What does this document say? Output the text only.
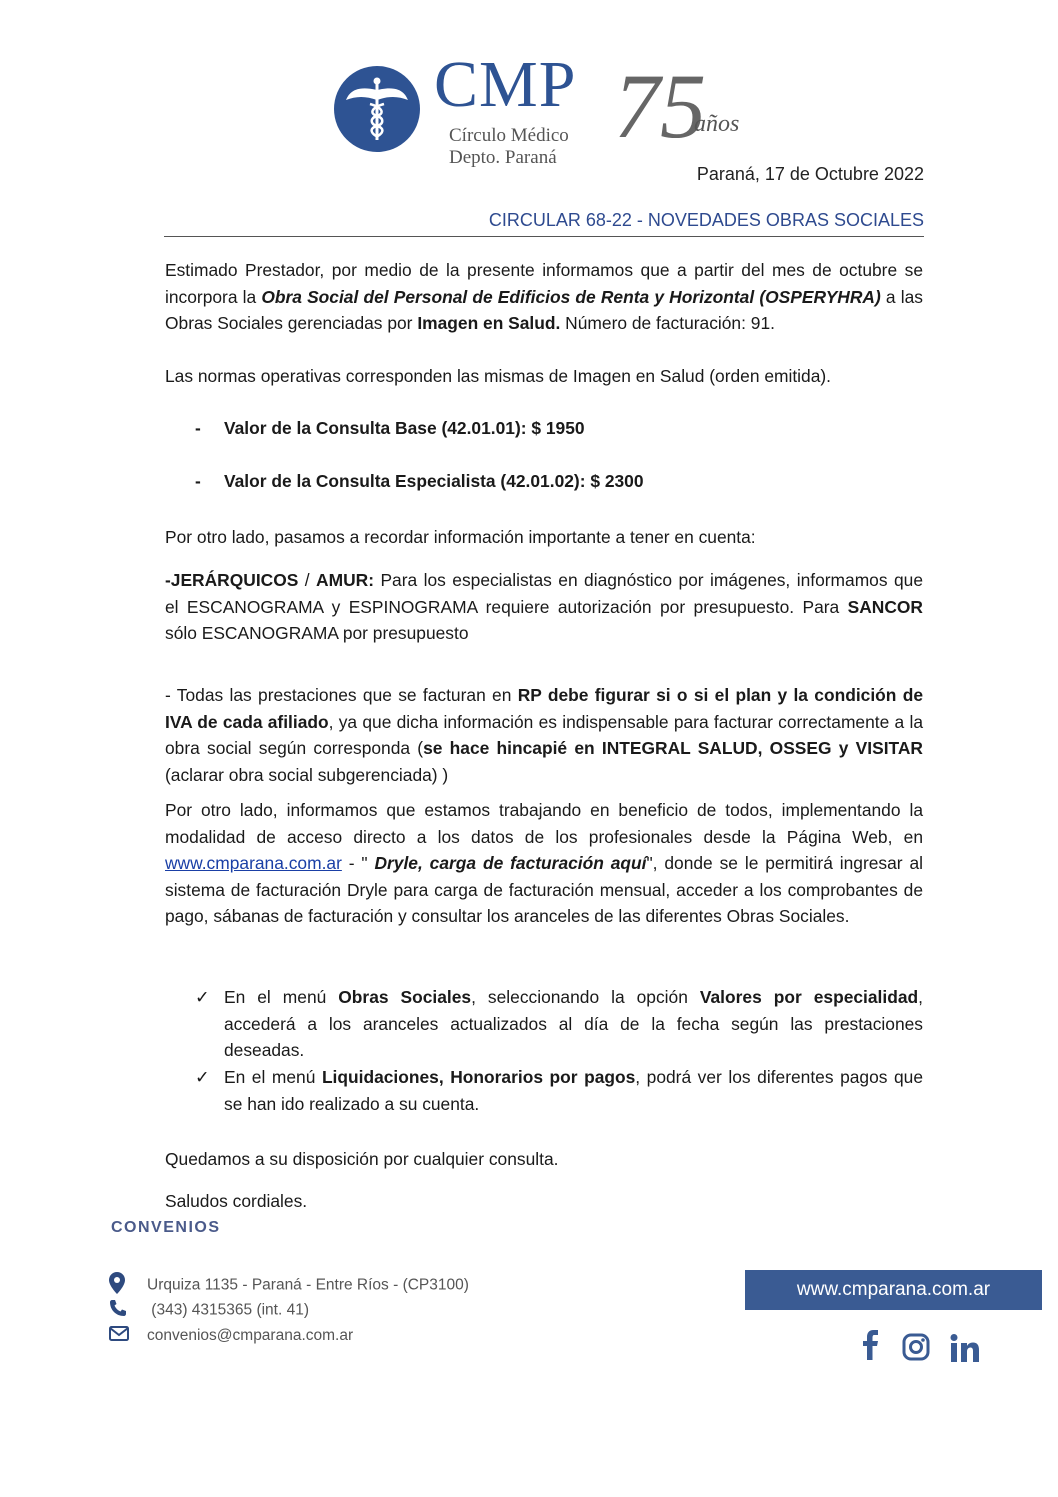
CMP
Círculo Médico
Depto. Paraná
75
años
Paraná, 17 de Octubre 2022
CIRCULAR 68-22 - NOVEDADES OBRAS SOCIALES
Estimado Prestador, por medio de la presente informamos que a partir del mes de octubre se incorpora la Obra Social del Personal de Edificios de Renta y Horizontal (OSPERYHRA) a las Obras Sociales gerenciadas por Imagen en Salud. Número de facturación: 91.
Las normas operativas corresponden las mismas de Imagen en Salud (orden emitida).
- Valor de la Consulta Base (42.01.01): $ 1950
- Valor de la Consulta Especialista (42.01.02): $ 2300
Por otro lado, pasamos a recordar información importante a tener en cuenta:
-JERÁRQUICOS / AMUR: Para los especialistas en diagnóstico por imágenes, informamos que el ESCANOGRAMA y ESPINOGRAMA requiere autorización por presupuesto. Para SANCOR sólo ESCANOGRAMA por presupuesto
- Todas las prestaciones que se facturan en RP debe figurar si o si el plan y la condición de IVA de cada afiliado, ya que dicha información es indispensable para facturar correctamente a la obra social según corresponda (se hace hincapié en INTEGRAL SALUD, OSSEG y VISITAR (aclarar obra social subgerenciada) )
Por otro lado, informamos que estamos trabajando en beneficio de todos, implementando la modalidad de acceso directo a los datos de los profesionales desde la Página Web, en www.cmparana.com.ar - " Dryle, carga de facturación aquí", donde se le permitirá ingresar al sistema de facturación Dryle para carga de facturación mensual, acceder a los comprobantes de pago, sábanas de facturación y consultar los aranceles de las diferentes Obras Sociales.
✓ En el menú Obras Sociales, seleccionando la opción Valores por especialidad, accederá a los aranceles actualizados al día de la fecha según las prestaciones deseadas.
✓ En el menú Liquidaciones, Honorarios por pagos, podrá ver los diferentes pagos que se han ido realizado a su cuenta.
Quedamos a su disposición por cualquier consulta.
Saludos cordiales.
CONVENIOS
Urquiza 1135 - Paraná - Entre Ríos - (CP3100)
(343) 4315365 (int. 41)
convenios@cmparana.com.ar
www.cmparana.com.ar
